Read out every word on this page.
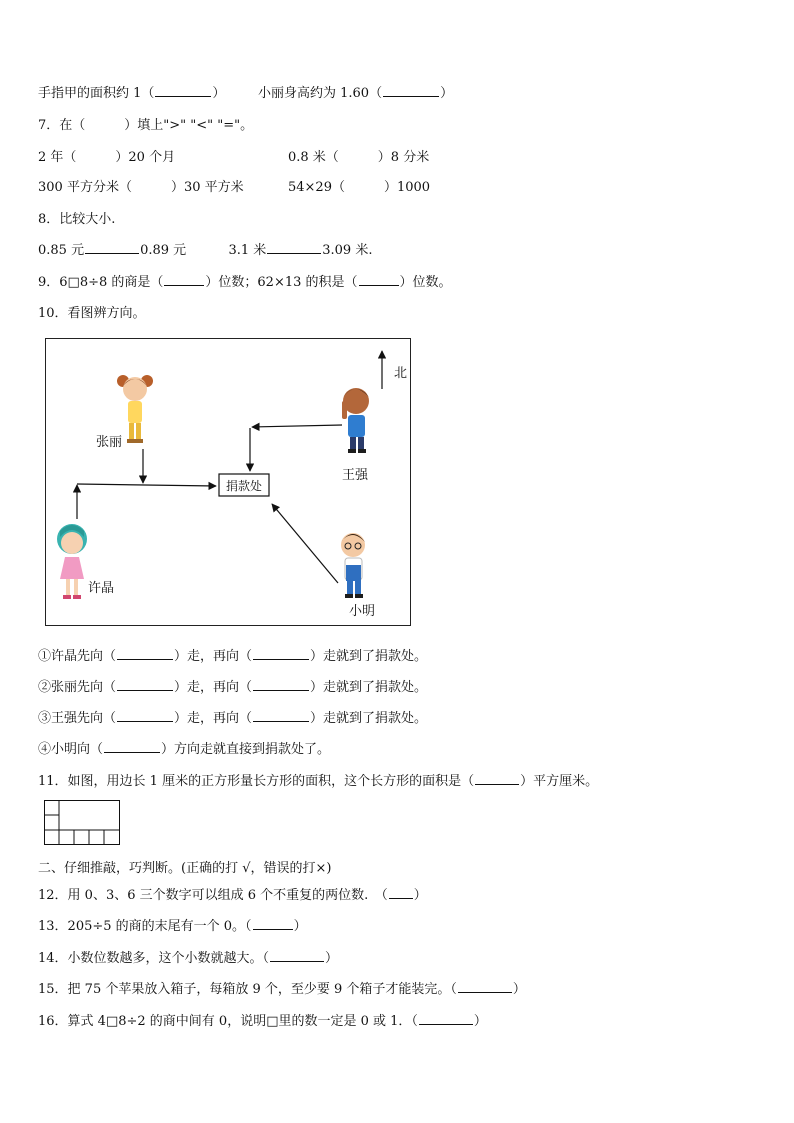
手指甲的面积约 1（	）	小丽身高约为 1.60（	）
7．在（　　　）填上">" "<" "="。
2 年（　　　）20 个月	0.8 米（　　　）8 分米
300 平方分米（　　　）30 平方米	54×29（　　　）1000
8．比较大小.
0.85 元	0.89 元	3.1 米	3.09 米.
9．6□8÷8 的商是（	）位数；62×13 的积是（	）位数。
10．看图辨方向。
北
捐款处
张丽
王强
许晶
小明
①许晶先向（	）走，再向（	）走就到了捐款处。
②张丽先向（	）走，再向（	）走就到了捐款处。
③王强先向（	）走，再向（	）走就到了捐款处。
④小明向（	）方向走就直接到捐款处了。
11．如图，用边长 1 厘米的正方形量长方形的面积，这个长方形的面积是（	）平方厘米。
二、仔细推敲，巧判断。(正确的打 √，错误的打×)
12．用 0、3、6 三个数字可以组成 6 个不重复的两位数.　（ ）
13．205÷5 的商的末尾有一个 0。（	）
14．小数位数越多，这个小数就越大。（	）
15．把 75 个苹果放入箱子，每箱放 9 个，至少要 9 个箱子才能装完。（	）
16．算式 4□8÷2 的商中间有 0，说明□里的数一定是 0 或 1．（	）
